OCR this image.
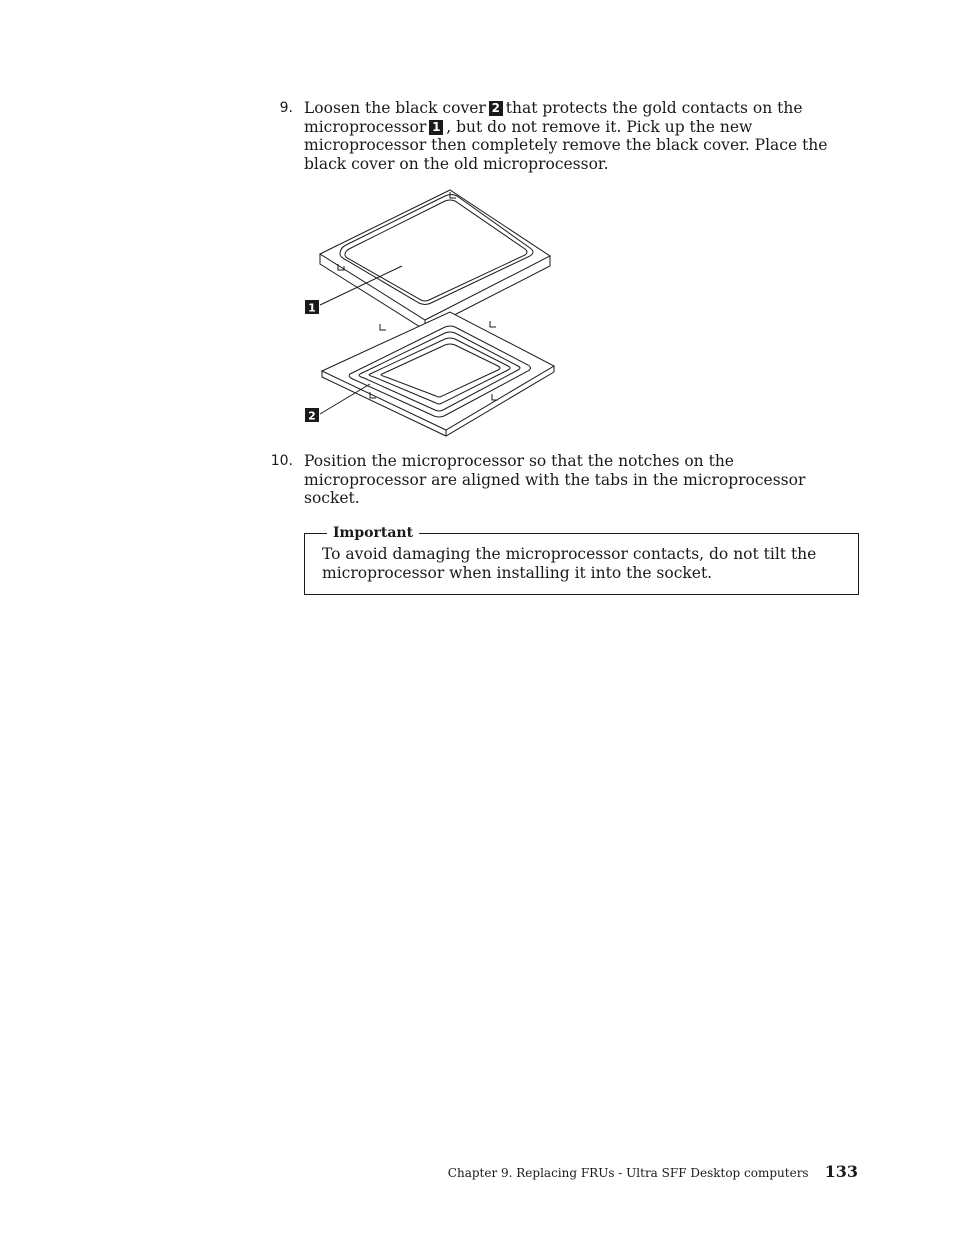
9. Loosen the black cover 2 that protects the gold contacts on the microprocessor 1 , but do not remove it. Pick up the new microprocessor then completely remove the black cover. Place the black cover on the old microprocessor.
1
2
10. Position the microprocessor so that the notches on the microprocessor are aligned with the tabs in the microprocessor socket.
Important
To avoid damaging the microprocessor contacts, do not tilt the microprocessor when installing it into the socket.
Chapter 9. Replacing FRUs - Ultra SFF Desktop computers 133
